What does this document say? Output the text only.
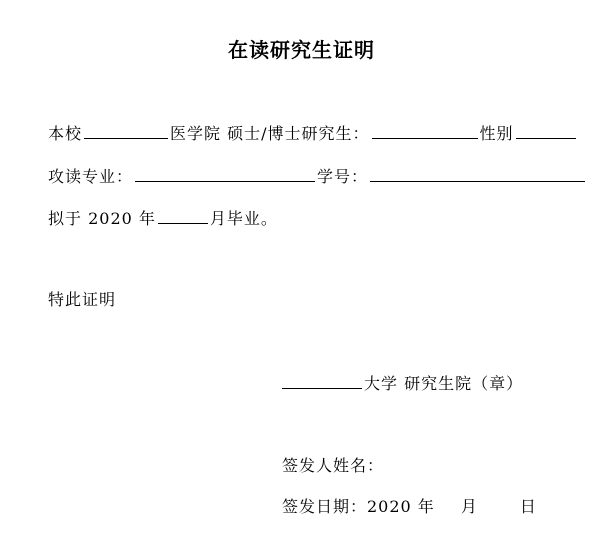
在读研究生证明
本校	医学院 硕士/博士研究生：	性别
攻读专业：	学号：
拟于 2020 年	月毕业。
特此证明
大学 研究生院（章）
签发人姓名：
签发日期：2020 年 月	日
